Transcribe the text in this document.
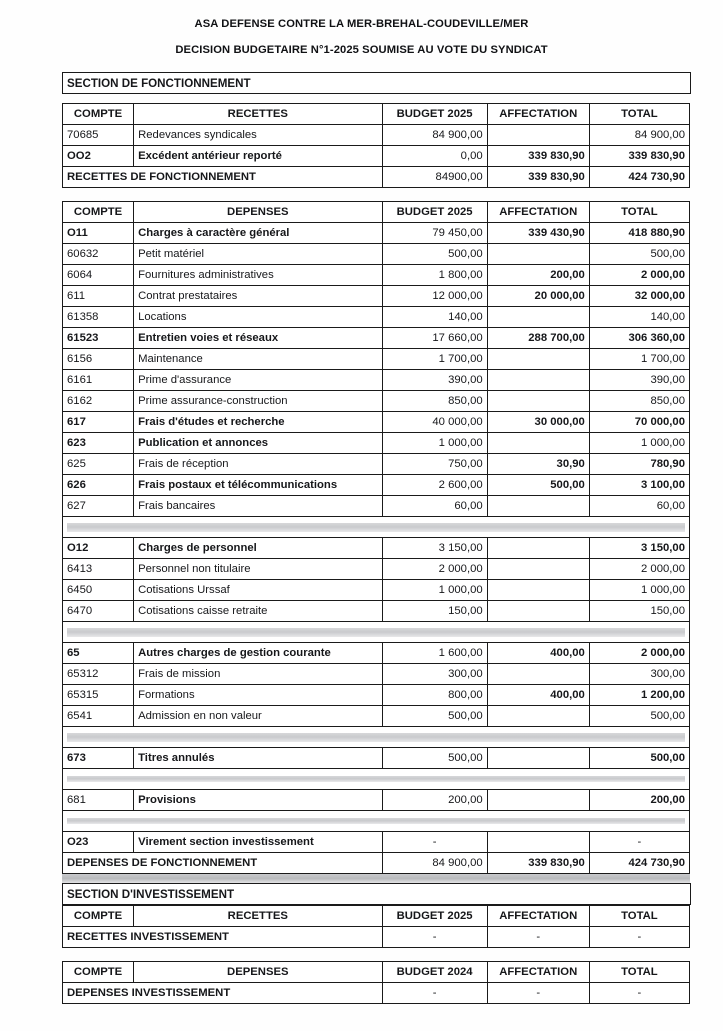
ASA DEFENSE CONTRE LA MER-BREHAL-COUDEVILLE/MER
DECISION BUDGETAIRE N°1-2025 SOUMISE AU VOTE DU SYNDICAT
SECTION DE FONCTIONNEMENT
COMPTE	RECETTES	BUDGET 2025	AFFECTATION	TOTAL
70685	Redevances syndicales	84 900,00		84 900,00
OO2	Excédent antérieur reporté	0,00	339 830,90	339 830,90
RECETTES DE FONCTIONNEMENT		84900,00	339 830,90	424 730,90
COMPTE	DEPENSES	BUDGET 2025	AFFECTATION	TOTAL
O11	Charges à caractère général	79 450,00	339 430,90	418 880,90
60632	Petit matériel	500,00		500,00
6064	Fournitures administratives	1 800,00	200,00	2 000,00
611	Contrat prestataires	12 000,00	20 000,00	32 000,00
61358	Locations	140,00		140,00
61523	Entretien voies et réseaux	17 660,00	288 700,00	306 360,00
6156	Maintenance	1 700,00		1 700,00
6161	Prime d'assurance	390,00		390,00
6162	Prime assurance-construction	850,00		850,00
617	Frais d'études et recherche	40 000,00	30 000,00	70 000,00
623	Publication et annonces	1 000,00		1 000,00
625	Frais de réception	750,00	30,90	780,90
626	Frais postaux et télécommunications	2 600,00	500,00	3 100,00
627	Frais bancaires	60,00		60,00

O12	Charges de personnel	3 150,00		3 150,00
6413	Personnel non titulaire	2 000,00		2 000,00
6450	Cotisations Urssaf	1 000,00		1 000,00
6470	Cotisations caisse retraite	150,00		150,00

65	Autres charges de gestion courante	1 600,00	400,00	2 000,00
65312	Frais de mission	300,00		300,00
65315	Formations	800,00	400,00	1 200,00
6541	Admission en non valeur	500,00		500,00

673	Titres annulés	500,00		500,00

681	Provisions	200,00		200,00

O23	Virement section investissement	-		-
DEPENSES DE FONCTIONNEMENT		84 900,00	339 830,90	424 730,90
SECTION D'INVESTISSEMENT
COMPTE	RECETTES	BUDGET 2025	AFFECTATION	TOTAL
RECETTES INVESTISSEMENT		-	-	-
COMPTE	DEPENSES	BUDGET 2024	AFFECTATION	TOTAL
DEPENSES INVESTISSEMENT		-	-	-
